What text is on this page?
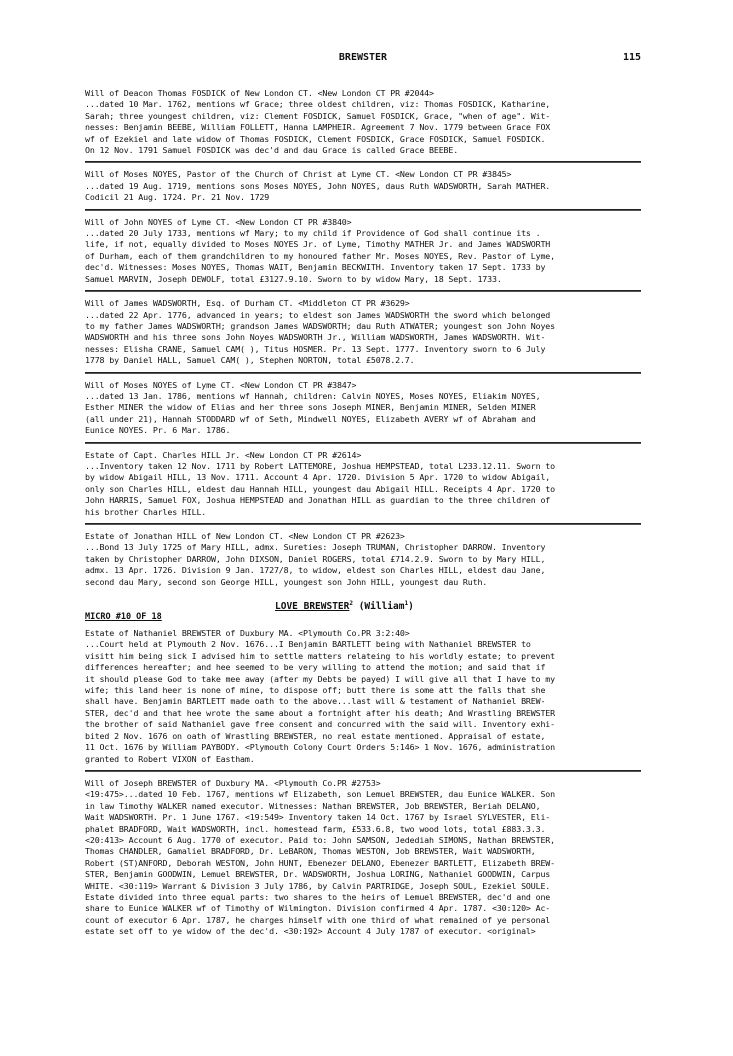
BREWSTER	115

Will of Deacon Thomas FOSDICK of New London CT. <New London CT PR #2044>
...dated 10 Mar. 1762, mentions wf Grace; three oldest children, viz: Thomas FOSDICK, Katharine,
Sarah; three youngest children, viz: Clement FOSDICK, Samuel FOSDICK, Grace, "when of age". Wit-
nesses: Benjamin BEEBE, William FOLLETT, Hanna LAMPHEIR. Agreement 7 Nov. 1779 between Grace FOX
wf of Ezekiel and late widow of Thomas FOSDICK, Clement FOSDICK, Grace FOSDICK, Samuel FOSDICK.
On 12 Nov. 1791 Samuel FOSDICK was dec'd and dau Grace is called Grace BEEBE.

Will of Moses NOYES, Pastor of the Church of Christ at Lyme CT. <New London CT PR #3845>
...dated 19 Aug. 1719, mentions sons Moses NOYES, John NOYES, daus Ruth WADSWORTH, Sarah MATHER.
Codicil 21 Aug. 1724. Pr. 21 Nov. 1729

Will of John NOYES of Lyme CT. <New London CT PR #3840>
...dated 20 July 1733, mentions wf Mary; to my child if Providence of God shall continue its .
life, if not, equally divided to Moses NOYES Jr. of Lyme, Timothy MATHER Jr. and James WADSWORTH
of Durham, each of them grandchildren to my honoured father Mr. Moses NOYES, Rev. Pastor of Lyme,
dec'd. Witnesses: Moses NOYES, Thomas WAIT, Benjamin BECKWITH. Inventory taken 17 Sept. 1733 by
Samuel MARVIN, Joseph DEWOLF, total £3127.9.10. Sworn to by widow Mary, 18 Sept. 1733.

Will of James WADSWORTH, Esq. of Durham CT. <Middleton CT PR #3629>
...dated 22 Apr. 1776, advanced in years; to eldest son James WADSWORTH the sword which belonged
to my father James WADSWORTH; grandson James WADSWORTH; dau Ruth ATWATER; youngest son John Noyes
WADSWORTH and his three sons John Noyes WADSWORTH Jr., William WADSWORTH, James WADSWORTH. Wit-
nesses: Elisha CRANE, Samuel CAM( ), Titus HOSMER. Pr. 13 Sept. 1777. Inventory sworn to 6 July
1778 by Daniel HALL, Samuel CAM( ), Stephen NORTON, total £5078.2.7.

Will of Moses NOYES of Lyme CT. <New London CT PR #3847>
...dated 13 Jan. 1786, mentions wf Hannah, children: Calvin NOYES, Moses NOYES, Eliakim NOYES,
Esther MINER the widow of Elias and her three sons Joseph MINER, Benjamin MINER, Selden MINER
(all under 21), Hannah STODDARD wf of Seth, Mindwell NOYES, Elizabeth AVERY wf of Abraham and
Eunice NOYES. Pr. 6 Mar. 1786.

Estate of Capt. Charles HILL Jr. <New London CT PR #2614>
...Inventory taken 12 Nov. 1711 by Robert LATTEMORE, Joshua HEMPSTEAD, total L233.12.11. Sworn to
by widow Abigail HILL, 13 Nov. 1711. Account 4 Apr. 1720. Division 5 Apr. 1720 to widow Abigail,
only son Charles HILL, eldest dau Hannah HILL, youngest dau Abigail HILL. Receipts 4 Apr. 1720 to
John HARRIS, Samuel FOX, Joshua HEMPSTEAD and Jonathan HILL as guardian to the three children of
his brother Charles HILL.

Estate of Jonathan HILL of New London CT. <New London CT PR #2623>
...Bond 13 July 1725 of Mary HILL, admx. Sureties: Joseph TRUMAN, Christopher DARROW. Inventory
taken by Christopher DARROW, John DIXSON, Daniel ROGERS, total £714.2.9. Sworn to by Mary HILL,
admx. 13 Apr. 1726. Division 9 Jan. 1727/8, to widow, eldest son Charles HILL, eldest dau Jane,
second dau Mary, second son George HILL, youngest son John HILL, youngest dau Ruth.

LOVE BREWSTER$^2$ (William$^1$)
MICRO #10 OF 18

Estate of Nathaniel BREWSTER of Duxbury MA. <Plymouth Co.PR 3:2:40>
...Court held at Plymouth 2 Nov. 1676...I Benjamin BARTLETT being with Nathaniel BREWSTER to
visitt him being sick I advised him to settle matters relateing to his worldly estate; to prevent
differences hereafter; and hee seemed to be very willing to attend the motion; and said that if
it should please God to take mee away (after my Debts be payed) I will give all that I have to my
wife; this land heer is none of mine, to dispose off; butt there is some att the falls that she
shall have. Benjamin BARTLETT made oath to the above...last will & testament of Nathaniel BREW-
STER, dec'd and that hee wrote the same about a fortnight after his death; And Wrastling BREWSTER
the brother of said Nathaniel gave free consent and concurred with the said will. Inventory exhi-
bited 2 Nov. 1676 on oath of Wrastling BREWSTER, no real estate mentioned. Appraisal of estate,
11 Oct. 1676 by William PAYBODY. <Plymouth Colony Court Orders 5:146> 1 Nov. 1676, administration
granted to Robert VIXON of Eastham.

Will of Joseph BREWSTER of Duxbury MA. <Plymouth Co.PR #2753>
<19:475>...dated 10 Feb. 1767, mentions wf Elizabeth, son Lemuel BREWSTER, dau Eunice WALKER. Son
in law Timothy WALKER named executor. Witnesses: Nathan BREWSTER, Job BREWSTER, Beriah DELANO,
Wait WADSWORTH. Pr. 1 June 1767. <19:549> Inventory taken 14 Oct. 1767 by Israel SYLVESTER, Eli-
phalet BRADFORD, Wait WADSWORTH, incl. homestead farm, £533.6.8, two wood lots, total £883.3.3.
<20:413> Account 6 Aug. 1770 of executor. Paid to: John SAMSON, Jedediah SIMONS, Nathan BREWSTER,
Thomas CHANDLER, Gamaliel BRADFORD, Dr. LeBARON, Thomas WESTON, Job BREWSTER, Wait WADSWORTH,
Robert (ST)ANFORD, Deborah WESTON, John HUNT, Ebenezer DELANO, Ebenezer BARTLETT, Elizabeth BREW-
STER, Benjamin GOODWIN, Lemuel BREWSTER, Dr. WADSWORTH, Joshua LORING, Nathaniel GOODWIN, Carpus
WHITE. <30:119> Warrant & Division 3 July 1786, by Calvin PARTRIDGE, Joseph SOUL, Ezekiel SOULE.
Estate divided into three equal parts: two shares to the heirs of Lemuel BREWSTER, dec'd and one
share to Eunice WALKER wf of Timothy of Wilmington. Division confirmed 4 Apr. 1787. <30:120> Ac-
count of executor 6 Apr. 1787, he charges himself with one third of what remained of ye personal
estate set off to ye widow of the dec'd. <30:192> Account 4 July 1787 of executor. <original>
